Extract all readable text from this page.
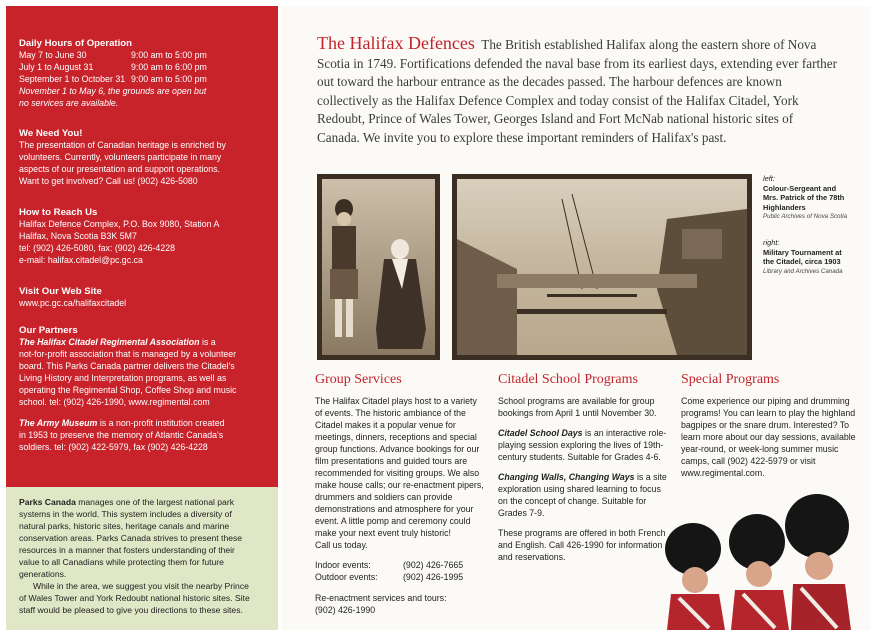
Daily Hours of Operation
May 7 to June 30	9:00 am to 5:00 pm
July 1 to August 31	9:00 am to 6:00 pm
September 1 to October 31 9:00 am to 5:00 pm

November 1 to May 6, the grounds are open but

no services are available.

We Need You!

The presentation of Canadian heritage is enriched by

volunteers. Currently, volunteers participate in many

aspects of our presentation and support operations.

Want to get involved? Call us! (902) 426-5080

How to Reach Us

Halifax Defence Complex, P.O. Box 9080, Station A

Halifax, Nova Scotia B3K 5M7

tel: (902) 426-5080, fax: (902) 426-4228

e-mail: halifax.citadel@pc.gc.ca

Visit Our Web Site

www.pc.gc.ca/halifaxcitadel

Our Partners

The Halifax Citadel Regimental Association is a

not-for-profit association that is managed by a volunteer

board. This Parks Canada partner delivers the Citadel's

Living History and Interpretation programs, as well as

operating the Regimental Shop, Coffee Shop and music

school. tel: (902) 426-1990, www.regimental.com

The Army Museum is a non-profit institution created

in 1953 to preserve the memory of Atlantic Canada's

soldiers. tel: (902) 422-5979, fax (902) 426-4228

Parks Canada manages one of the largest national park

systems in the world. This system includes a diversity of

natural parks, historic sites, heritage canals and marine

conservation areas. Parks Canada strives to present these

resources in a manner that fosters understanding of their

value to all Canadians while protecting them for future

generations.

While in the area, we suggest you visit the nearby Prince

of Wales Tower and York Redoubt national historic sites. Site

staff would be pleased to give you directions to these sites.

The Halifax Defences The British established Halifax along the eastern shore of Nova Scotia in 1749. Fortifications defended the naval base from its earliest days, extending ever farther out toward the harbour entrance as the decades passed. The harbour defences are known collectively as the Halifax Defence Complex and today consist of the Halifax Citadel, York Redoubt, Prince of Wales Tower, Georges Island and Fort McNab national historic sites of Canada. We invite you to explore these important reminders of Halifax's past.
left:
Colour-Sergeant and Mrs. Patrick of the 78th Highlanders
Public Archives of Nova Scotia
right:
Military Tournament at the Citadel, circa 1903
Library and Archives Canada
Group Services

The Halifax Citadel plays host to a variety of events. The historic ambiance of the Citadel makes it a popular venue for meetings, dinners, receptions and special group functions. Advance bookings for our film presentations and guided tours are recommended for visiting groups. We also make house calls; our re-enactment pipers, drummers and soldiers can provide demonstrations and atmosphere for your event. A little pomp and ceremony could make your next event truly historic!

Call us today.

Indoor events:	(902) 426-7665
Outdoor events:	(902) 426-1995
Re-enactment services and tours:
(902) 426-1990
Citadel School Programs

School programs are available for group bookings from April 1 until November 30.

Citadel School Days is an interactive role-playing session exploring the lives of 19th-century students. Suitable for Grades 4-6.

Changing Walls, Changing Ways is a site exploration using shared learning to focus on the concept of change. Suitable for Grades 7-9.

These programs are offered in both French and English. Call 426-1990 for information and reservations.

Special Programs

Come experience our piping and drumming programs! You can learn to play the highland bagpipes or the snare drum. Interested? To learn more about our day sessions, available year-round, or week-long summer music camps, call (902) 422-5979 or visit www.regimental.com.
